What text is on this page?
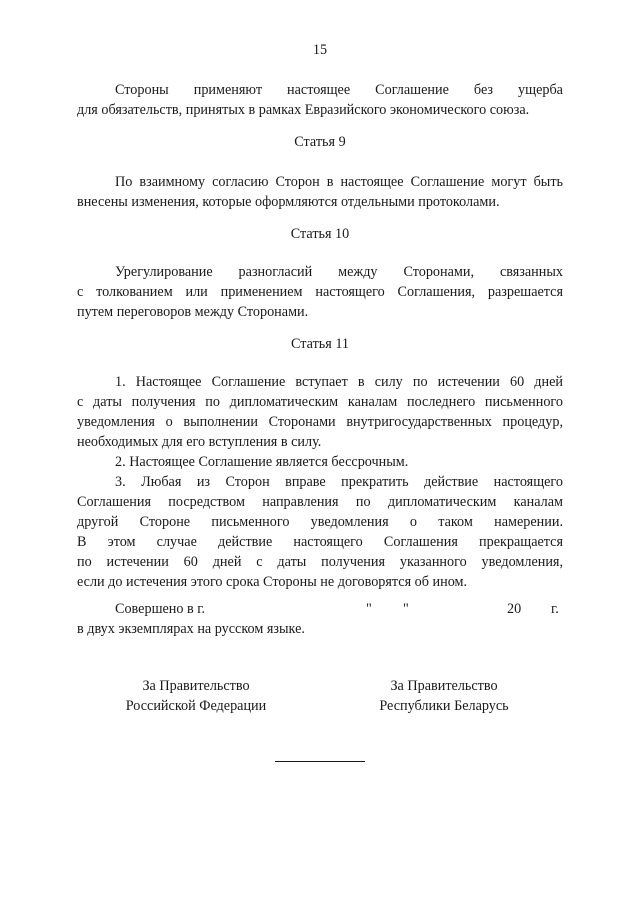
15
Стороны применяют настоящее Соглашение без ущерба
для обязательств, принятых в рамках Евразийского экономического союза.
Статья 9
По взаимному согласию Сторон в настоящее Соглашение могут быть
внесены изменения, которые оформляются отдельными протоколами.
Статья 10
Урегулирование разногласий между Сторонами, связанных
с толкованием или применением настоящего Соглашения, разрешается
путем переговоров между Сторонами.
Статья 11
1. Настоящее Соглашение вступает в силу по истечении 60 дней
с даты получения по дипломатическим каналам последнего письменного
уведомления о выполнении Сторонами внутригосударственных процедур,
необходимых для его вступления в силу.
2. Настоящее Соглашение является бессрочным.
3. Любая из Сторон вправе прекратить действие настоящего
Соглашения посредством направления по дипломатическим каналам
другой Стороне письменного уведомления о таком намерении.
В этом случае действие настоящего Соглашения прекращается
по истечении 60 дней с даты получения указанного уведомления,
если до истечения этого срока Стороны не договорятся об ином.
Совершено в г.	" "	20 г.
в двух экземплярах на русском языке.
За Правительство
Российской Федерации
За Правительство
Республики Беларусь
